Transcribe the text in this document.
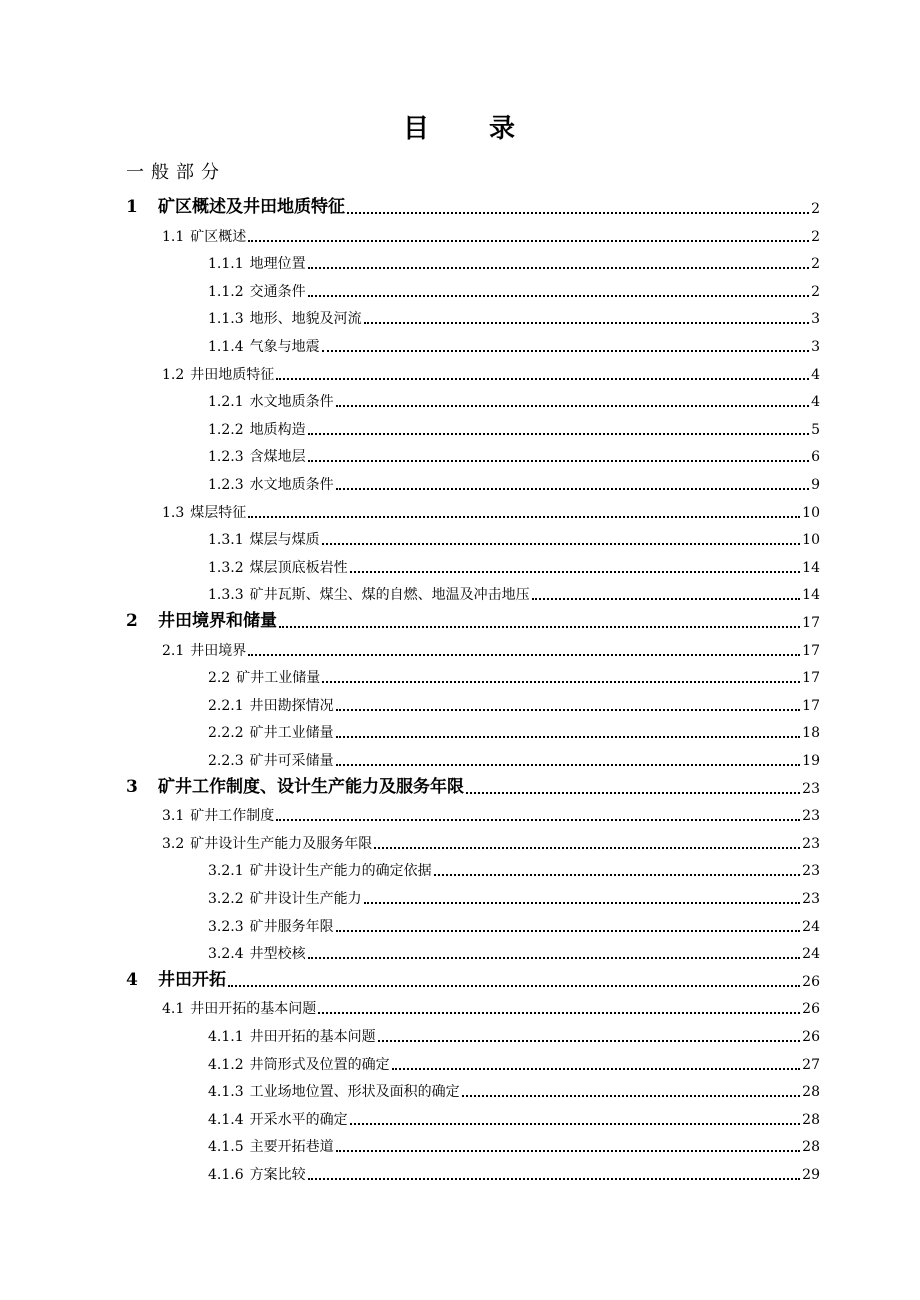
目 录
一般部分
1	矿区概述及井田地质特征	2
1.1 矿区概述	2
1.1.1 地理位置	2
1.1.2 交通条件	2
1.1.3 地形、地貌及河流	3
1.1.4 气象与地震	3
1.2 井田地质特征	4
1.2.1 水文地质条件	4
1.2.2 地质构造	5
1.2.3 含煤地层	6
1.2.3 水文地质条件	9
1.3 煤层特征	10
1.3.1 煤层与煤质	10
1.3.2 煤层顶底板岩性	14
1.3.3 矿井瓦斯、煤尘、煤的自燃、地温及冲击地压	14
2	井田境界和储量	17
2.1 井田境界	17
2.2 矿井工业储量	17
2.2.1 井田勘探情况	17
2.2.2 矿井工业储量	18
2.2.3 矿井可采储量	19
3	矿井工作制度、设计生产能力及服务年限	23
3.1 矿井工作制度	23
3.2 矿井设计生产能力及服务年限	23
3.2.1 矿井设计生产能力的确定依据	23
3.2.2 矿井设计生产能力	23
3.2.3 矿井服务年限	24
3.2.4 井型校核	24
4	井田开拓	26
4.1 井田开拓的基本问题	26
4.1.1 井田开拓的基本问题	26
4.1.2 井筒形式及位置的确定	27
4.1.3 工业场地位置、形状及面积的确定	28
4.1.4 开采水平的确定	28
4.1.5 主要开拓巷道	28
4.1.6 方案比较	29
